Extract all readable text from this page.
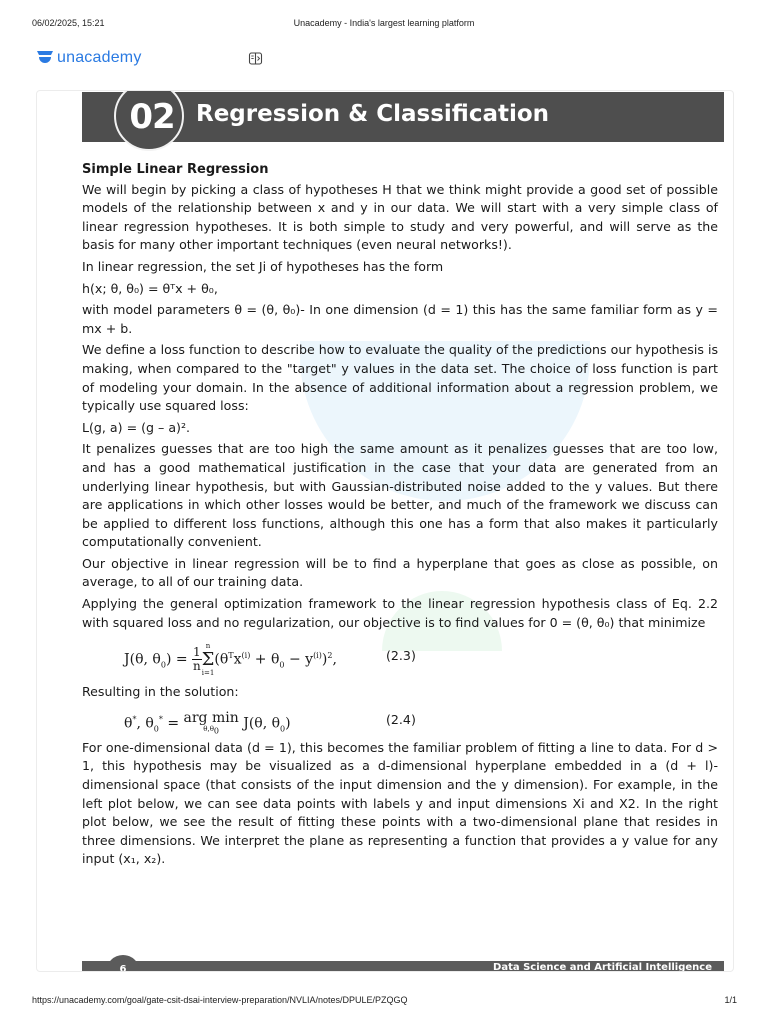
06/02/2025, 15:21	Unacademy - India's largest learning platform
unacademy
02 Regression & Classification

Simple Linear Regression

We will begin by picking a class of hypotheses H that we think might provide a good set of possible models of the relationship between x and y in our data. We will start with a very simple class of linear regression hypotheses. It is both simple to study and very powerful, and will serve as the basis for many other important techniques (even neural networks!).

In linear regression, the set Ji of hypotheses has the form

h(x; θ, θ₀) = θᵀx + θ₀,

with model parameters θ = (θ, θ₀)- In one dimension (d = 1) this has the same familiar form as y = mx + b.

We define a loss function to describe how to evaluate the quality of the predictions our hypothesis is making, when compared to the "target" y values in the data set. The choice of loss function is part of modeling your domain. In the absence of additional information about a regression problem, we typically use squared loss:

L(g, a) = (g – a)².

It penalizes guesses that are too high the same amount as it penalizes guesses that are too low, and has a good mathematical justification in the case that your data are generated from an underlying linear hypothesis, but with Gaussian-distributed noise added to the y values. But there are applications in which other losses would be better, and much of the framework we discuss can be applied to different loss functions, although this one has a form that also makes it particularly computationally convenient.

Our objective in linear regression will be to find a hyperplane that goes as close as possible, on average, to all of our training data.

Applying the general optimization framework to the linear regression hypothesis class of Eq. 2.2 with squared loss and no regularization, our objective is to find values for 0 = (θ, θ₀) that minimize

J(θ, $\theta_0) = \frac{1}{n}$ n
Σ
i=1
$(\theta^Tx^{(i)} + \theta_0 - y^{(i)})^2$,	(2.3)

Resulting in the solution:

θ*, $\theta_0^*$ = arg min
$\theta,\theta_0$	J(θ, $\theta_0$)	(2.4)

For one-dimensional data (d = 1), this becomes the familiar problem of fitting a line to data. For d > 1, this hypothesis may be visualized as a d-dimensional hyperplane embedded in a (d + l)-dimensional space (that consists of the input dimension and the y dimension). For example, in the left plot below, we can see data points with labels y and input dimensions Xi and X2. In the right plot below, we see the result of fitting these points with a two-dimensional plane that resides in three dimensions. We interpret the plane as representing a function that provides a y value for any input (x₁, x₂).

6	Data Science and Artificial Intelligence
https://unacademy.com/goal/gate-csit-dsai-interview-preparation/NVLIA/notes/DPULE/PZQGQ	1/1
